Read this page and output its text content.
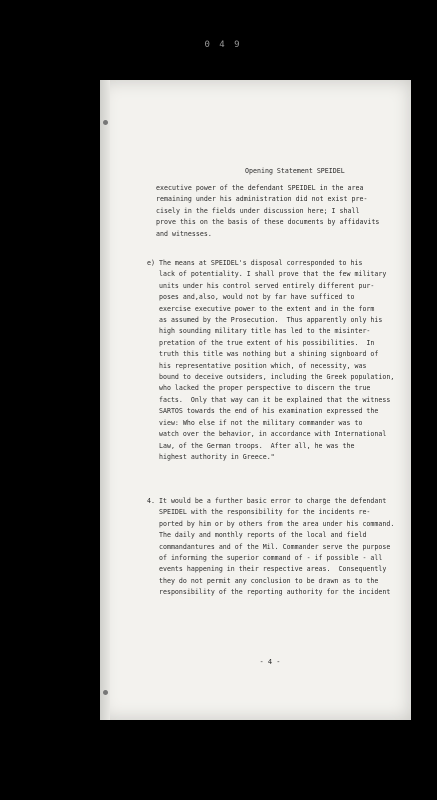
0 4 9
Opening Statement SPEIDEL
executive power of the defendant SPEIDEL in the area
remaining under his administration did not exist pre-
cisely in the fields under discussion here; I shall
prove this on the basis of these documents by affidavits
and witnesses.
e) The means at SPEIDEL's disposal corresponded to his
lack of potentiality. I shall prove that the few military
units under his control served entirely different pur-
poses and,also, would not by far have sufficed to
exercise executive power to the extent and in the form
as assumed by the Prosecution.  Thus apparently only his
high sounding military title has led to the misinter-
pretation of the true extent of his possibilities.  In
truth this title was nothing but a shining signboard of
his representative position which, of necessity, was
bound to deceive outsiders, including the Greek population,
who lacked the proper perspective to discern the true
facts.  Only that way can it be explained that the witness
SARTOS towards the end of his examination expressed the
view: Who else if not the military commander was to
watch over the behavior, in accordance with International
Law, of the German troops.  After all, he was the
highest authority in Greece."
4. It would be a further basic error to charge the defendant
SPEIDEL with the responsibility for the incidents re-
ported by him or by others from the area under his command.
The daily and monthly reports of the local and field
commandantures and of the Mil. Commander serve the purpose
of informing the superior command of - if possible - all
events happening in their respective areas.  Consequently
they do not permit any conclusion to be drawn as to the
responsibility of the reporting authority for the incident
- 4 -
